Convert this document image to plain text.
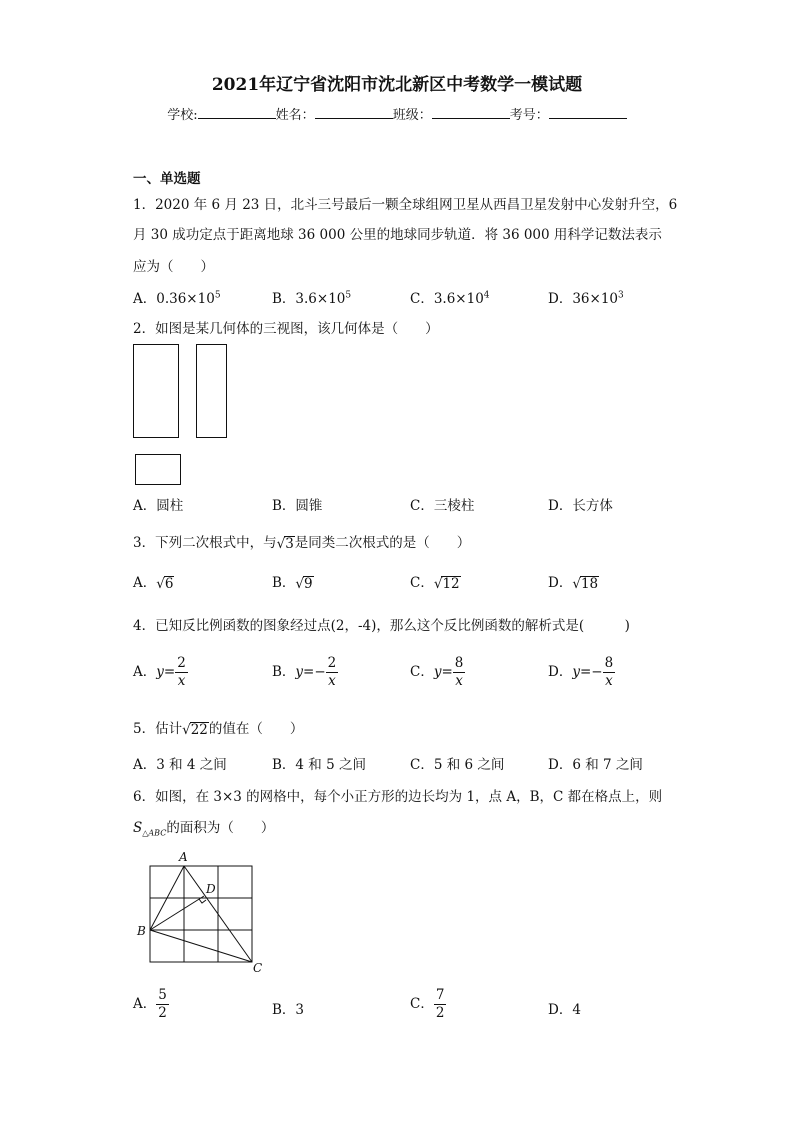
2021年辽宁省沈阳市沈北新区中考数学一模试题
学校:	姓名：	班级：	考号：
一、单选题
1．2020 年 6 月 23 日，北斗三号最后一颗全球组网卫星从西昌卫星发射中心发射升空，6
月 30 成功定点于距离地球 36 000 公里的地球同步轨道．将 36 000 用科学记数法表示
应为（　　）
A．$0.36\times 10^5$	B．$3.6\times 10^5$	C．$3.6\times 10^4$	D．$36\times 10^3$
2．如图是某几何体的三视图，该几何体是（　　）
A．圆柱	B．圆锥	C．三棱柱	D．长方体
3．下列二次根式中，与√3是同类二次根式的是（　　）
A．√6	B．√9	C．√12	D．√18
4．已知反比例函数的图象经过点(2，-4)，那么这个反比例函数的解析式是(　　　)
A．$y= \frac{2}{x}$	B．$y=- \frac{2}{x}$	C．$y= \frac{8}{x}$	D．$y=- \frac{8}{x}$
5．估计√22的值在（　　）
A．3 和 4 之间	B．4 和 5 之间	C．5 和 6 之间	D．6 和 7 之间
6．如图，在 3×3 的网格中，每个小正方形的边长均为 1，点 A，B，C 都在格点上，则
$S_{\triangle ABC}$的面积为（　　）
A
B
C
D
A． $\frac{5}{2}$	B．3	C． $\frac{7}{2}$	D．4
